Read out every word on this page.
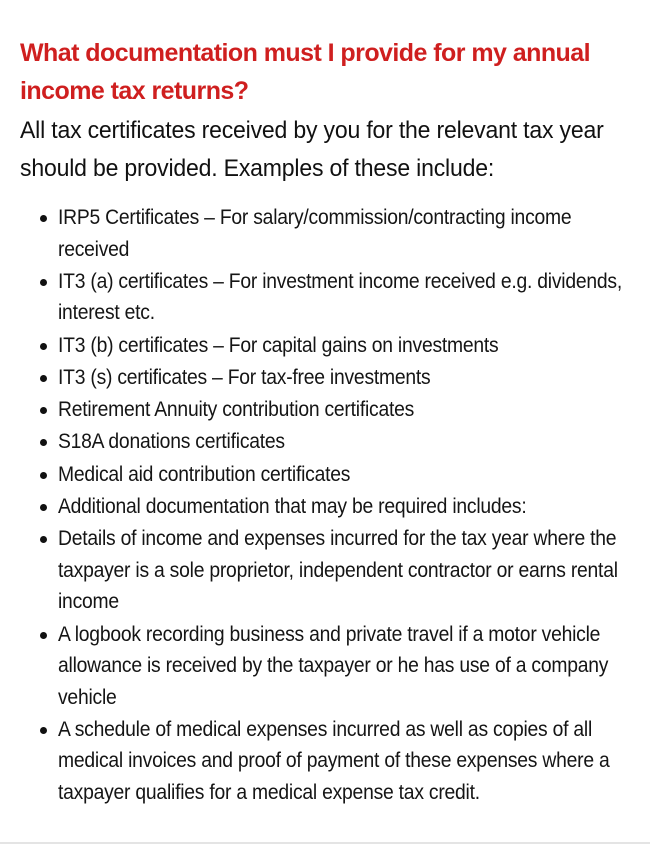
What documentation must I provide for my annual income tax returns?

All tax certificates received by you for the relevant tax year should be provided. Examples of these include:

IRP5 Certificates – For salary/commission/contracting income received
IT3 (a) certificates – For investment income received e.g. dividends, interest etc.
IT3 (b) certificates – For capital gains on investments
IT3 (s) certificates – For tax-free investments
Retirement Annuity contribution certificates
S18A donations certificates
Medical aid contribution certificates
Additional documentation that may be required includes:
Details of income and expenses incurred for the tax year where the taxpayer is a sole proprietor, independent contractor or earns rental income
A logbook recording business and private travel if a motor vehicle allowance is received by the taxpayer or he has use of a company vehicle
A schedule of medical expenses incurred as well as copies of all medical invoices and proof of payment of these expenses where a taxpayer qualifies for a medical expense tax credit.
